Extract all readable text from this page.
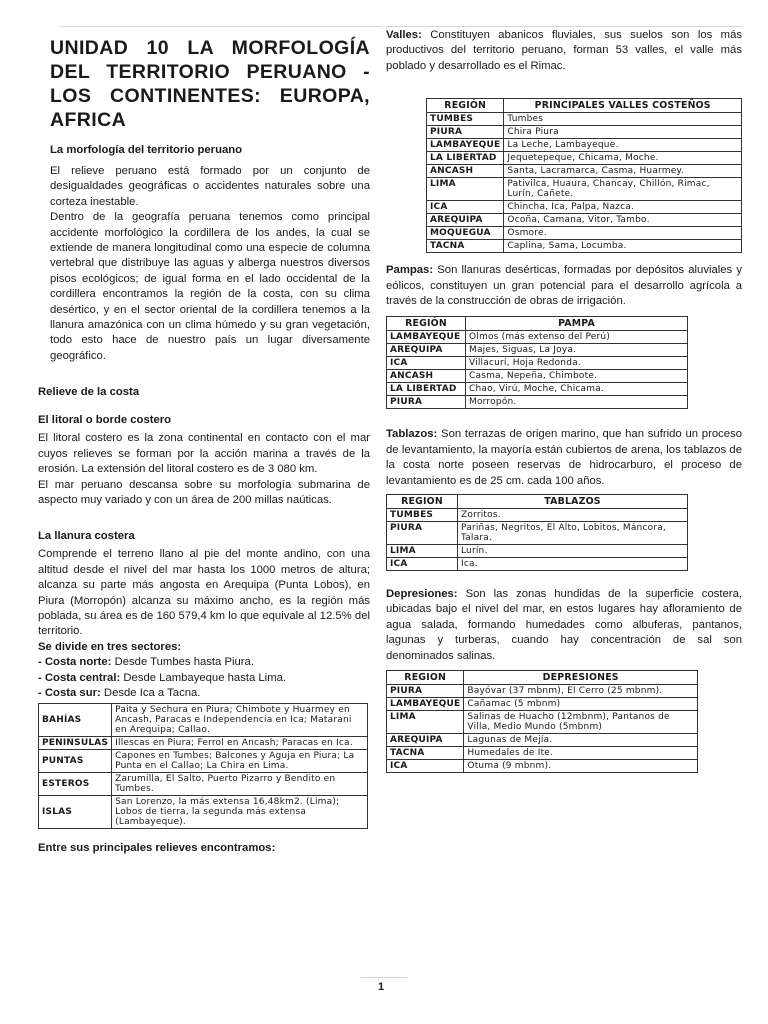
UNIDAD 10 LA MORFOLOGÍA DEL TERRITORIO PERUANO - LOS CONTINENTES: EUROPA, AFRICA
La morfología del territorio peruano

El relieve peruano está formado por un conjunto de desigualdades geográficas o accidentes naturales sobre una corteza inestable.

Dentro de la geografía peruana tenemos como principal accidente morfológico la cordillera de los andes, la cual se extiende de manera longitudinal como una especie de columna vertebral que distribuye las aguas y alberga nuestros diversos pisos ecológicos; de igual forma en el lado occidental de la cordillera encontramos la región de la costa, con su clima desértico, y en el sector oriental de la cordillera tenemos a la llanura amazónica con un clima húmedo y su gran vegetación, todo esto hace de nuestro país un lugar diversamente geográfico.

Relieve de la costa
El litoral o borde costero

El litoral costero es la zona continental en contacto con el mar cuyos relieves se forman por la acción marina a través de la erosión. La extensión del litoral costero es de 3 080 km.

El mar peruano descansa sobre su morfología submarina de aspecto muy variado y con un área de 200 millas naúticas.

La llanura costera

Comprende el terreno llano al pie del monte andino, con una altitud desde el nivel del mar hasta los 1000 metros de altura; alcanza su parte más angosta en Arequipa (Punta Lobos), en Piura (Morropón) alcanza su máximo ancho, es la región más poblada, su área es de 160 579,4 km lo que equivale al 12.5% del territorio.

Se divide en tres sectores:

- Costa norte: Desde Tumbes hasta Piura.

- Costa central: Desde Lambayeque hasta Lima.

- Costa sur: Desde Ica a Tacna.

BAHÍAS	Paita y Sechura en Piura; Chimbote y Huarmey en Ancash, Paracas e Independencia en Ica; Matarani en Arequipa; Callao.
PENINSULAS	Illescas en Piura; Ferrol en Ancash; Paracas en Ica.
PUNTAS	Capones en Tumbes; Balcones y Aguja en Piura; La Punta en el Callao; La Chira en Lima.
ESTEROS	Zarumilla, El Salto, Puerto Pizarro y Bendito en Tumbes.
ISLAS	San Lorenzo, la más extensa 16,48km2. (Lima); Lobos de tierra, la segunda más extensa (Lambayeque).

Entre sus principales relieves encontramos:

Valles: Constituyen abanicos fluviales, sus suelos son los más productivos del territorio peruano, forman 53 valles, el valle más poblado y desarrollado es el Rimac.

REGIÓN	PRINCIPALES VALLES COSTEÑOS
TUMBES	Tumbes
PIURA	Chira Piura
LAMBAYEQUE	La Leche, Lambayeque.
LA LIBERTAD	Jequetepeque, Chicama, Moche.
ANCASH	Santa, Lacramarca, Casma, Huarmey.
LIMA	Pativilca, Huaura, Chancay, Chillón, Rimac, Lurín, Cañete.
ICA	Chincha, Ica, Palpa, Nazca.
AREQUIPA	Ocoña, Camana, Vitor, Tambo.
MOQUEGUA	Osmore.
TACNA	Caplina, Sama, Locumba.

Pampas: Son llanuras desérticas, formadas por depósitos aluviales y eólicos, constituyen un gran potencial para el desarrollo agrícola a través de la construcción de obras de irrigación.

REGIÓN	PAMPA
LAMBAYEQUE	Olmos (más extenso del Perú)
AREQUIPA	Majes, Siguas, La Joya.
ICA	Villacurí, Hoja Redonda.
ANCASH	Casma, Nepeña, Chimbote.
LA LIBERTAD	Chao, Virú, Moche, Chicama.
PIURA	Morropón.

Tablazos: Son terrazas de origen marino, que han sufrido un proceso de levantamiento, la mayoría están cubiertos de arena, los tablazos de la costa norte poseen reservas de hidrocarburo, el proceso de levantamiento es de 25 cm. cada 100 años.

REGION	TABLAZOS
TUMBES	Zorritos.
PIURA	Pariñas, Negritos, El Alto, Lobitos, Máncora, Talara.
LIMA	Lurín.
ICA	Ica.

Depresiones: Son las zonas hundidas de la superficie costera, ubicadas bajo el nivel del mar, en estos lugares hay afloramiento de agua salada, formando humedades como albuferas, pantanos, lagunas y turberas, cuando hay concentración de sal son denominados salinas.

REGION	DEPRESIONES
PIURA	Bayóvar (37 mbnm), El Cerro (25 mbnm).
LAMBAYEQUE	Cañamac (5 mbnm)
LIMA	Salinas de Huacho (12mbnm), Pantanos de Villa, Medio Mundo (5mbnm)
AREQUIPA	Lagunas de Mejía.
TACNA	Humedales de Ite.
ICA	Otuma (9 mbnm).
1
